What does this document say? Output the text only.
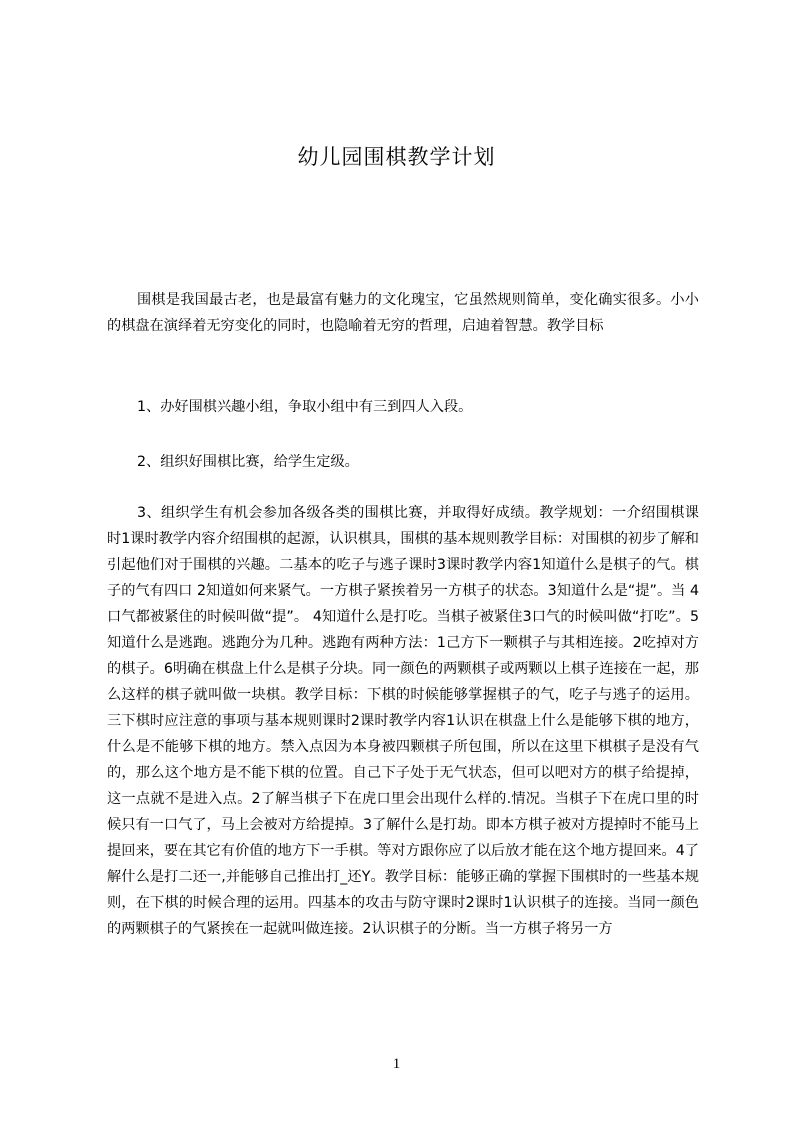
幼儿园围棋教学计划

围棋是我国最古老，也是最富有魅力的文化瑰宝，它虽然规则简单，变化确实很多。小小的棋盘在演绎着无穷变化的同时，也隐喻着无穷的哲理，启迪着智慧。教学目标

1、办好围棋兴趣小组，争取小组中有三到四人入段。

2、组织好围棋比赛，给学生定级。

3、组织学生有机会参加各级各类的围棋比赛，并取得好成绩。教学规划：一介绍围棋课时1课时教学内容介绍围棋的起源，认识棋具，围棋的基本规则教学目标：对围棋的初步了解和引起他们对于围棋的兴趣。二基本的吃子与逃子课时3课时教学内容1知道什么是棋子的气。棋子的气有四口 2知道如何来紧气。一方棋子紧挨着另一方棋子的状态。3知道什么是“提”。当 4口气都被紧住的时候叫做“提”。 4知道什么是打吃。当棋子被紧住3口气的时候叫做“打吃”。5知道什么是逃跑。逃跑分为几种。逃跑有两种方法：1己方下一颗棋子与其相连接。2吃掉对方的棋子。6明确在棋盘上什么是棋子分块。同一颜色的两颗棋子或两颗以上棋子连接在一起，那么这样的棋子就叫做一块棋。教学目标：下棋的时候能够掌握棋子的气，吃子与逃子的运用。三下棋时应注意的事项与基本规则课时2课时教学内容1认识在棋盘上什么是能够下棋的地方，什么是不能够下棋的地方。禁入点因为本身被四颗棋子所包围，所以在这里下棋棋子是没有气的，那么这个地方是不能下棋的位置。自己下子处于无气状态，但可以吧对方的棋子给提掉，这一点就不是进入点。2了解当棋子下在虎口里会出现什么样的.情况。当棋子下在虎口里的时候只有一口气了，马上会被对方给提掉。3了解什么是打劫。即本方棋子被对方提掉时不能马上提回来，要在其它有价值的地方下一手棋。等对方跟你应了以后放才能在这个地方提回来。4了解什么是打二还一,并能够自己推出打_还Y。教学目标：能够正确的掌握下围棋时的一些基本规则，在下棋的时候合理的运用。四基本的攻击与防守课时2课时1认识棋子的连接。当同一颜色的两颗棋子的气紧挨在一起就叫做连接。2认识棋子的分断。当一方棋子将另一方

1
